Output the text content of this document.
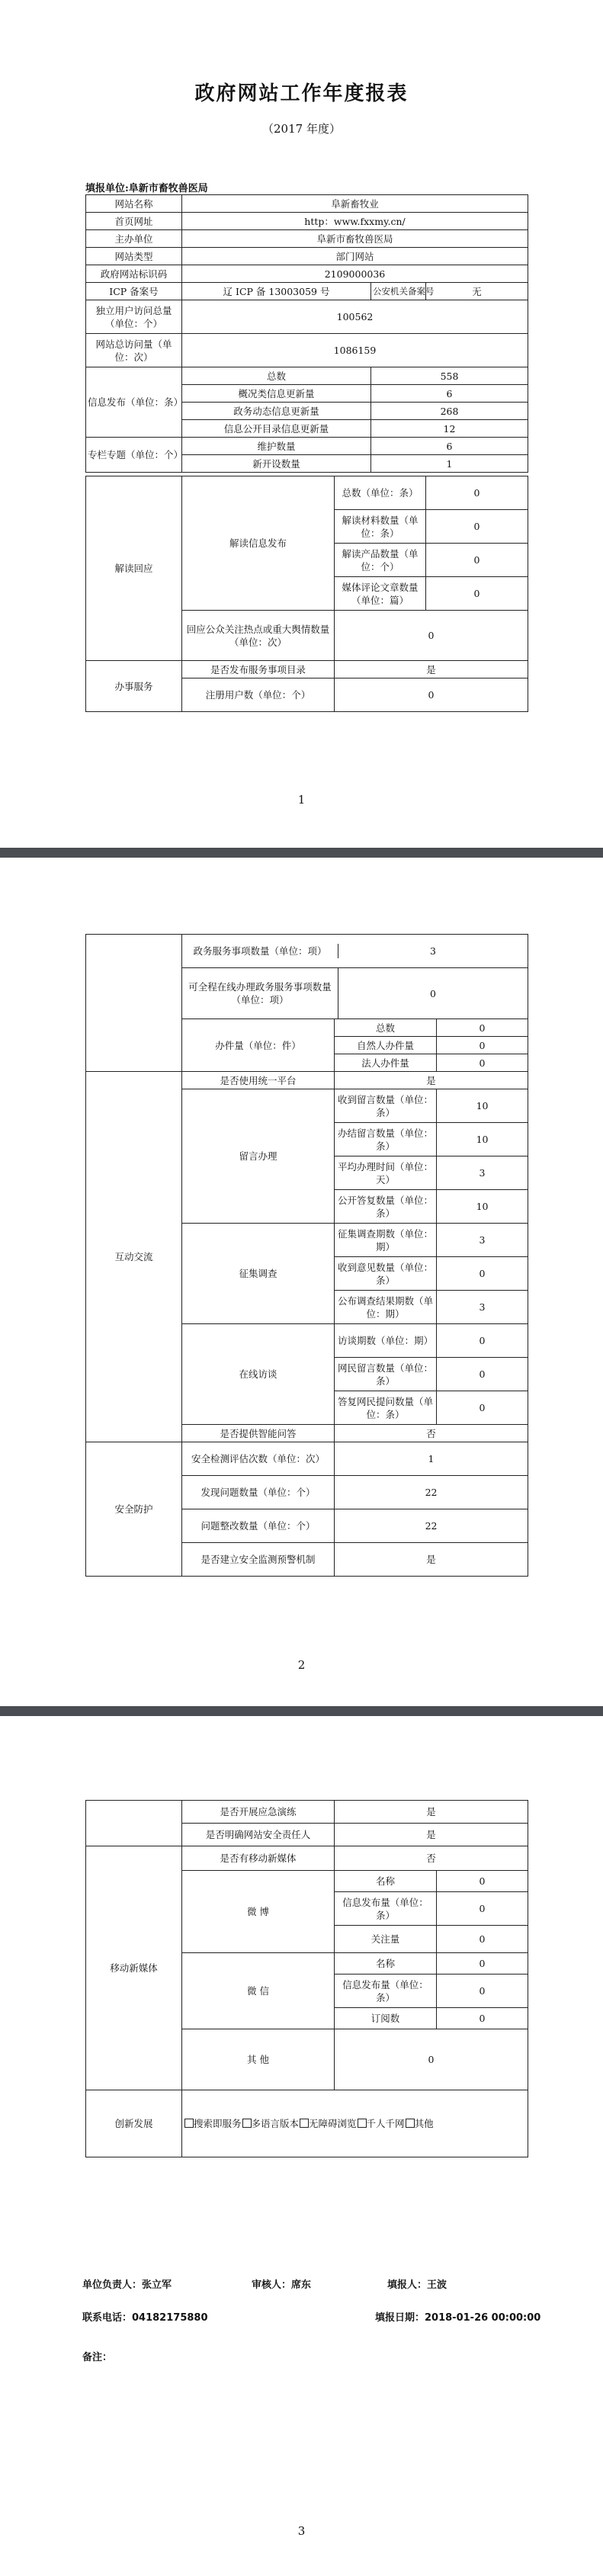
政府网站工作年度报表
（2017 年度）
填报单位:阜新市畜牧兽医局
网站名称	阜新畜牧业		
首页网址	http：www.fxxmy.cn/		
主办单位	阜新市畜牧兽医局		
网站类型	部门网站		
政府网站标识码	2109000036		
ICP 备案号	辽 ICP 备 13003059 号	公安机关备案号	无
独立用户访问总量（单位：个）	100562		
网站总访问量（单位：次）	1086159		
信息发布（单位：条）	总数	558	
	概况类信息更新量	6	
	政务动态信息更新量	268	
	信息公开目录信息更新量	12	
专栏专题（单位：个）	维护数量	6	
	新开设数量	1	
解读回应	解读信息发布	总数（单位：条）	0
		解读材料数量（单位：条）	0
		解读产品数量（单位：个）	0
		媒体评论文章数量（单位：篇）	0
	回应公众关注热点或重大舆情数量（单位：次）	0	
办事服务	是否发布服务事项目录	是	
	注册用户数（单位：个）	0	
1

政务服务事项数量（单位：项）	3

可全程在线办理政务服务事项数量（单位：项）	0

办件量（单位：件）	总数	0
自然人办件量	0
法人办件量	0
互动交流	是否使用统一平台	是
留言办理	收到留言数量（单位：条）	10
办结留言数量（单位：条）	10
平均办理时间（单位：天）	3
公开答复数量（单位：条）	10
征集调查	征集调查期数（单位：期）	3
收到意见数量（单位：条）	0
公布调查结果期数（单位：期）	3
在线访谈	访谈期数（单位：期）	0
网民留言数量（单位：条）	0
答复网民提问数量（单位：条）	0
是否提供智能问答	否
安全防护	安全检测评估次数（单位：次）	1
发现问题数量（单位：个）	22
问题整改数量（单位：个）	22
是否建立安全监测预警机制	是
2
	是否开展应急演练	是	
	是否明确网站安全责任人	是	
移动新媒体	是否有移动新媒体	否	
	微 博	名称	0
		信息发布量（单位：条）	0
		关注量	0
	微 信	名称	0
		信息发布量（单位：条）	0
		订阅数	0
	其 他	0	
创新发展	搜索即服务 多语言版本 无障碍浏览 千人千网 其他		
单位负责人：张立军	审核人：席东	填报人：王波
联系电话：04182175880	填报日期：2018-01-26 00:00:00
备注：
3
